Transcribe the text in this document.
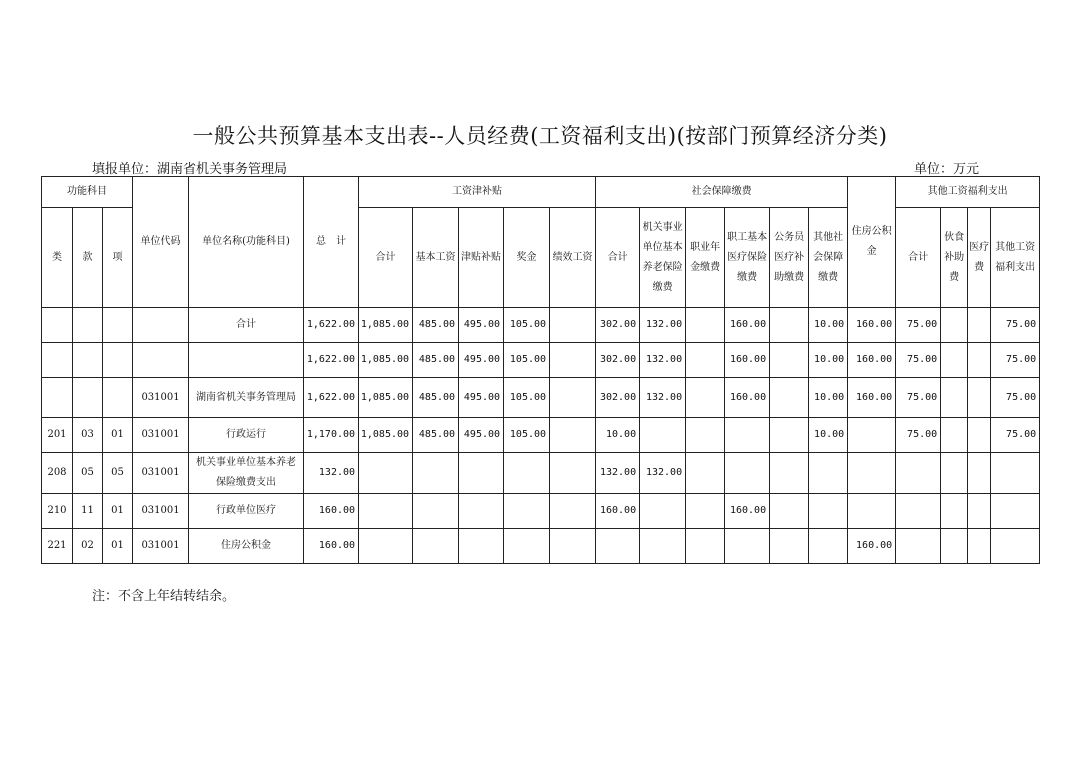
一般公共预算基本支出表--人员经费(工资福利支出)(按部门预算经济分类)
填报单位：湖南省机关事务管理局	单位：万元
功能科目			单位代码	单位名称(功能科目)	总　计	工资津补贴					社会保障缴费						住房公积金	其他工资福利支出			
类	款	项				合计	基本工资	津贴补贴	奖金	绩效工资	合计	机关事业单位基本养老保险缴费	职业年金缴费	职工基本医疗保险缴费	公务员医疗补助缴费	其他社会保障缴费		合计	伙食补助费	医疗费	其他工资福利支出
				合计	1,622.00	1,085.00	485.00	495.00	105.00		302.00	132.00		160.00		10.00	160.00	75.00			75.00
					1,622.00	1,085.00	485.00	495.00	105.00		302.00	132.00		160.00		10.00	160.00	75.00			75.00
			031001	湖南省机关事务管理局	1,622.00	1,085.00	485.00	495.00	105.00		302.00	132.00		160.00		10.00	160.00	75.00			75.00
201	03	01	031001	行政运行	1,170.00	1,085.00	485.00	495.00	105.00		10.00					10.00		75.00			75.00
208	05	05	031001	机关事业单位基本养老保险缴费支出	132.00						132.00	132.00									
210	11	01	031001	行政单位医疗	160.00						160.00			160.00							
221	02	01	031001	住房公积金	160.00												160.00				
注：不含上年结转结余。
